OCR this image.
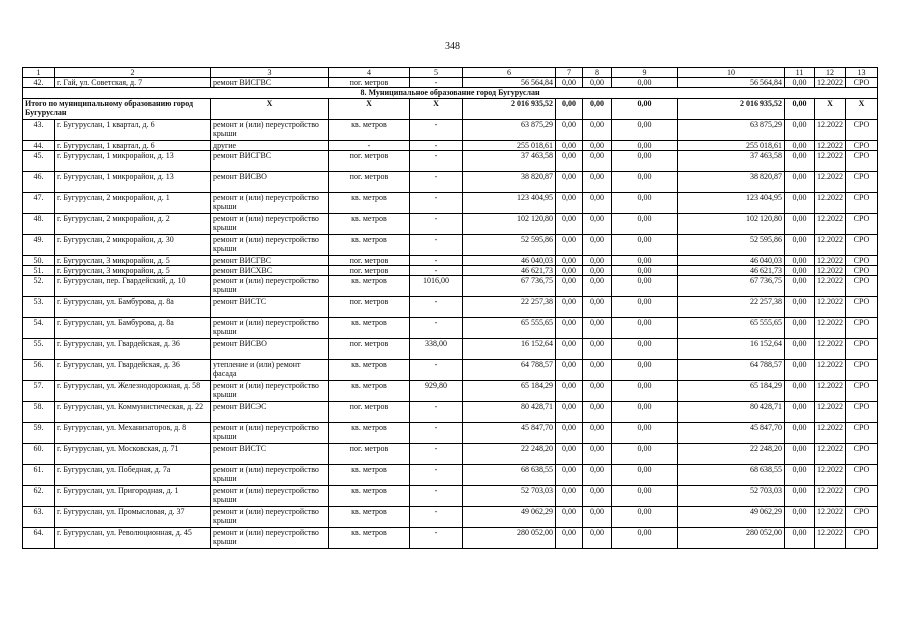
348
1	2	3	4	5	6	7	8	9	10	11	12	13
42.	г. Гай, ул. Советская, д. 7	ремонт ВИСГВС	пог. метров	-	56 564,84	0,00	0,00	0,00	56 564,84	0,00	12.2022	СРО
8. Муниципальное образование город Бугуруслан												
Итого по муниципальному образованию город Бугуруслан		X	X	X	2 016 935,52	0,00	0,00	0,00	2 016 935,52	0,00	X	X
43.	г. Бугуруслан, 1 квартал, д. 6	ремонт и (или) переустройство крыши	кв. метров	-	63 875,29	0,00	0,00	0,00	63 875,29	0,00	12.2022	СРО
44.	г. Бугуруслан, 1 квартал, д. 6	другие	-	-	255 018,61	0,00	0,00	0,00	255 018,61	0,00	12.2022	СРО
45.	г. Бугуруслан, 1 микрорайон, д. 13	ремонт ВИСГВС	пог. метров	-	37 463,58	0,00	0,00	0,00	37 463,58	0,00	12.2022	СРО
46.	г. Бугуруслан, 1 микрорайон, д. 13	ремонт ВИСВО	пог. метров	-	38 820,87	0,00	0,00	0,00	38 820,87	0,00	12.2022	СРО
47.	г. Бугуруслан, 2 микрорайон, д. 1	ремонт и (или) переустройство крыши	кв. метров	-	123 404,95	0,00	0,00	0,00	123 404,95	0,00	12.2022	СРО
48.	г. Бугуруслан, 2 микрорайон, д. 2	ремонт и (или) переустройство крыши	кв. метров	-	102 120,80	0,00	0,00	0,00	102 120,80	0,00	12.2022	СРО
49.	г. Бугуруслан, 2 микрорайон, д. 30	ремонт и (или) переустройство крыши	кв. метров	-	52 595,86	0,00	0,00	0,00	52 595,86	0,00	12.2022	СРО
50.	г. Бугуруслан, 3 микрорайон, д. 5	ремонт ВИСГВС	пог. метров	-	46 040,03	0,00	0,00	0,00	46 040,03	0,00	12.2022	СРО
51.	г. Бугуруслан, 3 микрорайон, д. 5	ремонт ВИСХВС	пог. метров	-	46 621,73	0,00	0,00	0,00	46 621,73	0,00	12.2022	СРО
52.	г. Бугуруслан, пер. Гвардейский, д. 10	ремонт и (или) переустройство крыши	кв. метров	1016,00	67 736,75	0,00	0,00	0,00	67 736,75	0,00	12.2022	СРО
53.	г. Бугуруслан, ул. Бамбурова, д. 8а	ремонт ВИСТС	пог. метров	-	22 257,38	0,00	0,00	0,00	22 257,38	0,00	12.2022	СРО
54.	г. Бугуруслан, ул. Бамбурова, д. 8а	ремонт и (или) переустройство крыши	кв. метров	-	65 555,65	0,00	0,00	0,00	65 555,65	0,00	12.2022	СРО
55.	г. Бугуруслан, ул. Гвардейская, д. 36	ремонт ВИСВО	пог. метров	338,00	16 152,64	0,00	0,00	0,00	16 152,64	0,00	12.2022	СРО
56.	г. Бугуруслан, ул. Гвардейская, д. 36	утепление и (или) ремонт фасада	кв. метров	-	64 788,57	0,00	0,00	0,00	64 788,57	0,00	12.2022	СРО
57.	г. Бугуруслан, ул. Железнодорожная, д. 58	ремонт и (или) переустройство крыши	кв. метров	929,80	65 184,29	0,00	0,00	0,00	65 184,29	0,00	12.2022	СРО
58.	г. Бугуруслан, ул. Коммунистическая, д. 22	ремонт ВИСЭС	пог. метров	-	80 428,71	0,00	0,00	0,00	80 428,71	0,00	12.2022	СРО
59.	г. Бугуруслан, ул. Механизаторов, д. 8	ремонт и (или) переустройство крыши	кв. метров	-	45 847,70	0,00	0,00	0,00	45 847,70	0,00	12.2022	СРО
60.	г. Бугуруслан, ул. Московская, д. 71	ремонт ВИСТС	пог. метров	-	22 248,20	0,00	0,00	0,00	22 248,20	0,00	12.2022	СРО
61.	г. Бугуруслан, ул. Победная, д. 7а	ремонт и (или) переустройство крыши	кв. метров	-	68 638,55	0,00	0,00	0,00	68 638,55	0,00	12.2022	СРО
62.	г. Бугуруслан, ул. Пригородная, д. 1	ремонт и (или) переустройство крыши	кв. метров	-	52 703,03	0,00	0,00	0,00	52 703,03	0,00	12.2022	СРО
63.	г. Бугуруслан, ул. Промысловая, д. 37	ремонт и (или) переустройство крыши	кв. метров	-	49 062,29	0,00	0,00	0,00	49 062,29	0,00	12.2022	СРО
64.	г. Бугуруслан, ул. Революционная, д. 45	ремонт и (или) переустройство крыши	кв. метров	-	280 052,00	0,00	0,00	0,00	280 052,00	0,00	12.2022	СРО
